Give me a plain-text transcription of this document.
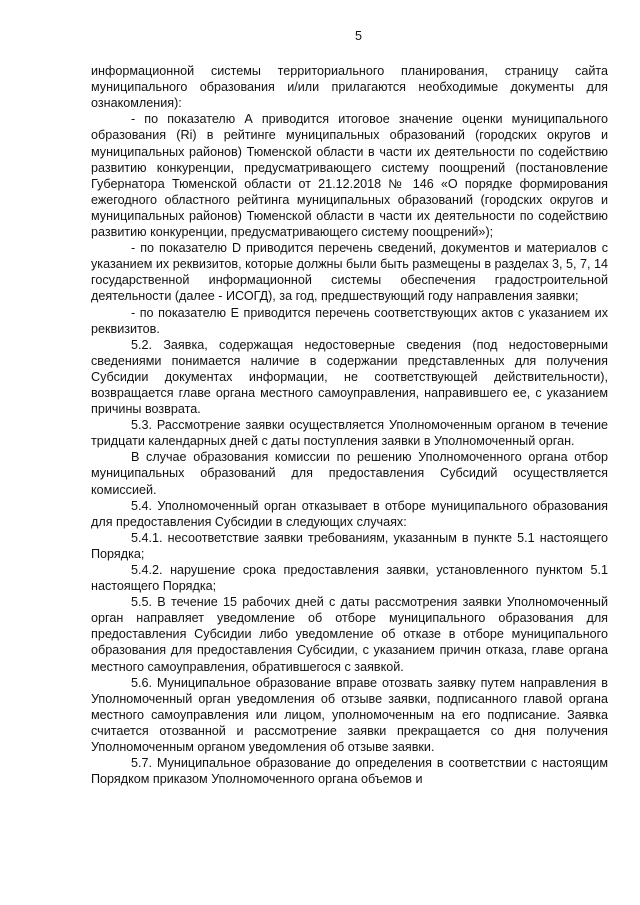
5

информационной системы территориального планирования, страницу сайта муниципального образования и/или прилагаются необходимые документы для ознакомления):

- по показателю А приводится итоговое значение оценки муниципального образования (Ri) в рейтинге муниципальных образований (городских округов и муниципальных районов) Тюменской области в части их деятельности по содействию развитию конкуренции, предусматривающего систему поощрений (постановление Губернатора Тюменской области от 21.12.2018 № 146 «О порядке формирования ежегодного областного рейтинга муниципальных образований (городских округов и муниципальных районов) Тюменской области в части их деятельности по содействию развитию конкуренции, предусматривающего систему поощрений»);

- по показателю D приводится перечень сведений, документов и материалов с указанием их реквизитов, которые должны были быть размещены в разделах 3, 5, 7, 14 государственной информационной системы обеспечения градостроительной деятельности (далее - ИСОГД), за год, предшествующий году направления заявки;

- по показателю E приводится перечень соответствующих актов с указанием их реквизитов.

5.2. Заявка, содержащая недостоверные сведения (под недостоверными сведениями понимается наличие в содержании представленных для получения Субсидии документах информации, не соответствующей действительности), возвращается главе органа местного самоуправления, направившего ее, с указанием причины возврата.

5.3. Рассмотрение заявки осуществляется Уполномоченным органом в течение тридцати календарных дней с даты поступления заявки в Уполномоченный орган.

В случае образования комиссии по решению Уполномоченного органа отбор муниципальных образований для предоставления Субсидий осуществляется комиссией.

5.4. Уполномоченный орган отказывает в отборе муниципального образования для предоставления Субсидии в следующих случаях:

5.4.1. несоответствие заявки требованиям, указанным в пункте 5.1 настоящего Порядка;

5.4.2. нарушение срока предоставления заявки, установленного пунктом 5.1 настоящего Порядка;

5.5. В течение 15 рабочих дней с даты рассмотрения заявки Уполномоченный орган направляет уведомление об отборе муниципального образования для предоставления Субсидии либо уведомление об отказе в отборе муниципального образования для предоставления Субсидии, с указанием причин отказа, главе органа местного самоуправления, обратившегося с заявкой.

5.6. Муниципальное образование вправе отозвать заявку путем направления в Уполномоченный орган уведомления об отзыве заявки, подписанного главой органа местного самоуправления или лицом, уполномоченным на его подписание. Заявка считается отозванной и рассмотрение заявки прекращается со дня получения Уполномоченным органом уведомления об отзыве заявки.

5.7. Муниципальное образование до определения в соответствии с настоящим Порядком приказом Уполномоченного органа объемов и
